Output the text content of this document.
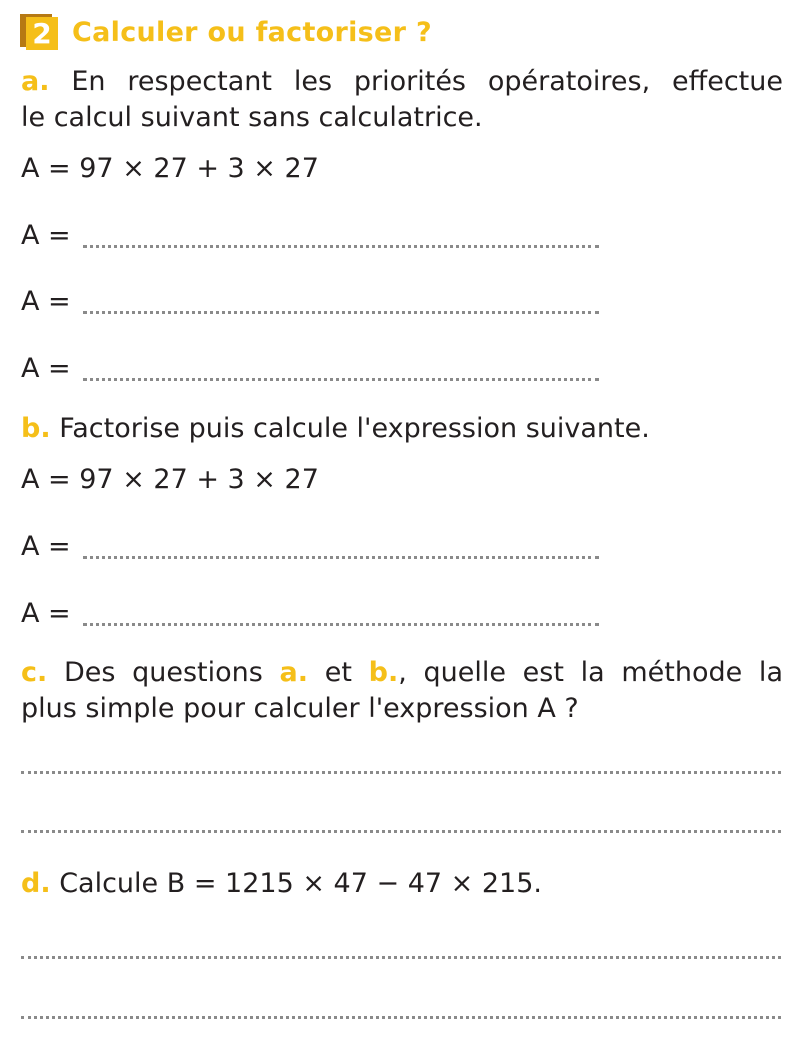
2 Calculer ou factoriser ?
a. En respectant les priorités opératoires, effectue
le calcul suivant sans calculatrice.
A = 97 × 27 + 3 × 27
A =
A =
A =
b. Factorise puis calcule l'expression suivante.
A = 97 × 27 + 3 × 27
A =
A =
c. Des questions a. et b., quelle est la méthode la
plus simple pour calculer l'expression A ?
d. Calcule B = 1215 × 47 − 47 × 215.
